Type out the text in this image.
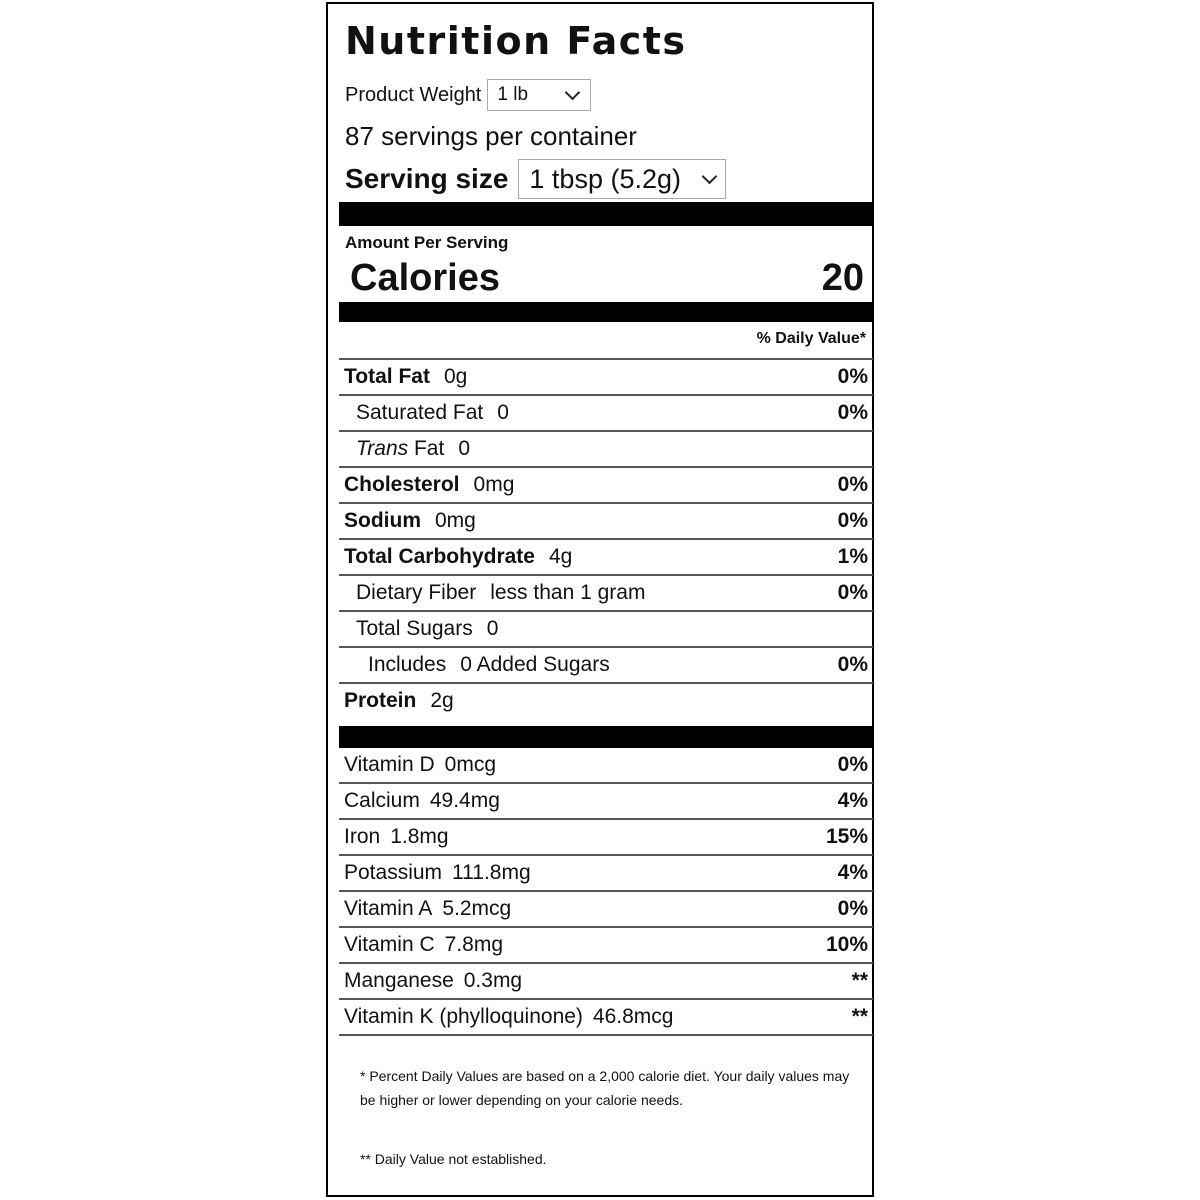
Nutrition Facts
Product Weight 1 lb
87 servings per container
Serving size 1 tbsp (5.2g)
Amount Per Serving
Calories	20
% Daily Value*
Total Fat 0g	0%
Saturated Fat 0	0%
Trans Fat 0
Cholesterol 0mg	0%
Sodium 0mg	0%
Total Carbohydrate 4g	1%
Dietary Fiber less than 1 gram	0%
Total Sugars 0
Includes 0 Added Sugars	0%
Protein 2g
Vitamin D 0mcg	0%
Calcium 49.4mg	4%
Iron 1.8mg	15%
Potassium 111.8mg	4%
Vitamin A 5.2mcg	0%
Vitamin C 7.8mg	10%
Manganese 0.3mg	**
Vitamin K (phylloquinone) 46.8mcg	**
* Percent Daily Values are based on a 2,000 calorie diet. Your daily values may be higher or lower depending on your calorie needs.
** Daily Value not established.
